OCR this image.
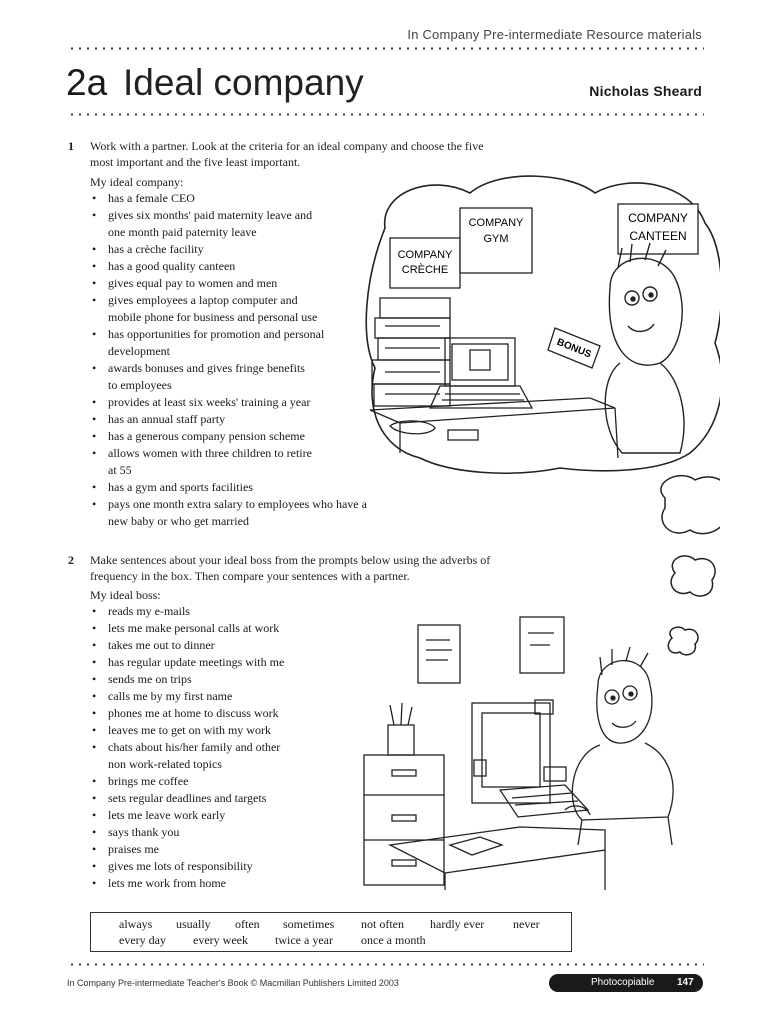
In Company Pre-intermediate Resource materials
2a Ideal company	Nicholas Sheard
1 Work with a partner. Look at the criteria for an ideal company and choose the five
most important and the five least important.
My ideal company:
• has a female CEO
• gives six months' paid maternity leave and
one month paid paternity leave
• has a crèche facility
• has a good quality canteen
• gives equal pay to women and men
• gives employees a laptop computer and
mobile phone for business and personal use
• has opportunities for promotion and personal
development
• awards bonuses and gives fringe benefits
to employees
• provides at least six weeks' training a year
• has an annual staff party
• has a generous company pension scheme
• allows women with three children to retire
at 55
• has a gym and sports facilities
• pays one month extra salary to employees who have a
new baby or who get married
COMPANY
CRÈCHE
COMPANY
GYM
COMPANY
CANTEEN
BONUS
2 Make sentences about your ideal boss from the prompts below using the adverbs of
frequency in the box. Then compare your sentences with a partner.
My ideal boss:
• reads my e-mails
• lets me make personal calls at work
• takes me out to dinner
• has regular update meetings with me
• sends me on trips
• calls me by my first name
• phones me at home to discuss work
• leaves me to get on with my work
• chats about his/her family and other
non work-related topics
• brings me coffee
• sets regular deadlines and targets
• lets me leave work early
• says thank you
• praises me
• gives me lots of responsibility
• lets me work from home
always usually often sometimes not often hardly ever never
every day every week twice a year once a month
In Company Pre-intermediate Teacher's Book © Macmillan Publishers Limited 2003	Photocopiable 147
